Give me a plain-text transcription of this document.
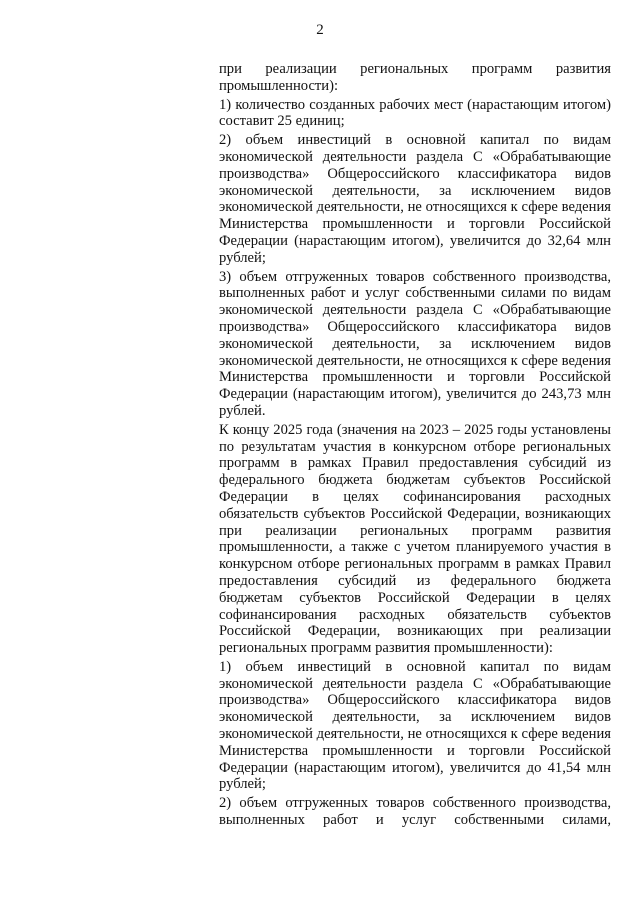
2

при реализации региональных программ развития промышленности):

1) количество созданных рабочих мест (нарастающим итогом) составит 25 единиц;

2) объем инвестиций в основной капитал по видам экономической деятельности раздела C «Обрабатывающие производства» Общероссийского классификатора видов экономической деятельности, за исключением видов экономической деятельности, не относящихся к сфере ведения Министерства промышленности и торговли Российской Федерации (нарастающим итогом), увеличится до 32,64 млн рублей;

3) объем отгруженных товаров собственного производства, выполненных работ и услуг собственными силами по видам экономической деятельности раздела C «Обрабатывающие производства» Общероссийского классификатора видов экономической деятельности, за исключением видов экономической деятельности, не относящихся к сфере ведения Министерства промышленности и торговли Российской Федерации (нарастающим итогом), увеличится до 243,73 млн рублей.

К концу 2025 года (значения на 2023 – 2025 годы установлены по результатам участия в конкурсном отборе региональных программ в рамках Правил предоставления субсидий из федерального бюджета бюджетам субъектов Российской Федерации в целях софинансирования расходных обязательств субъектов Российской Федерации, возникающих при реализации региональных программ развития промышленности, а также с учетом планируемого участия в конкурсном отборе региональных программ в рамках Правил предоставления субсидий из федерального бюджета бюджетам субъектов Российской Федерации в целях софинансирования расходных обязательств субъектов Российской Федерации, возникающих при реализации региональных программ развития промышленности):

1) объем инвестиций в основной капитал по видам экономической деятельности раздела C «Обрабатывающие производства» Общероссийского классификатора видов экономической деятельности, за исключением видов экономической деятельности, не относящихся к сфере ведения Министерства промышленности и торговли Российской Федерации (нарастающим итогом), увеличится до 41,54 млн рублей;

2) объем отгруженных товаров собственного производства, выполненных работ и услуг собственными силами,
